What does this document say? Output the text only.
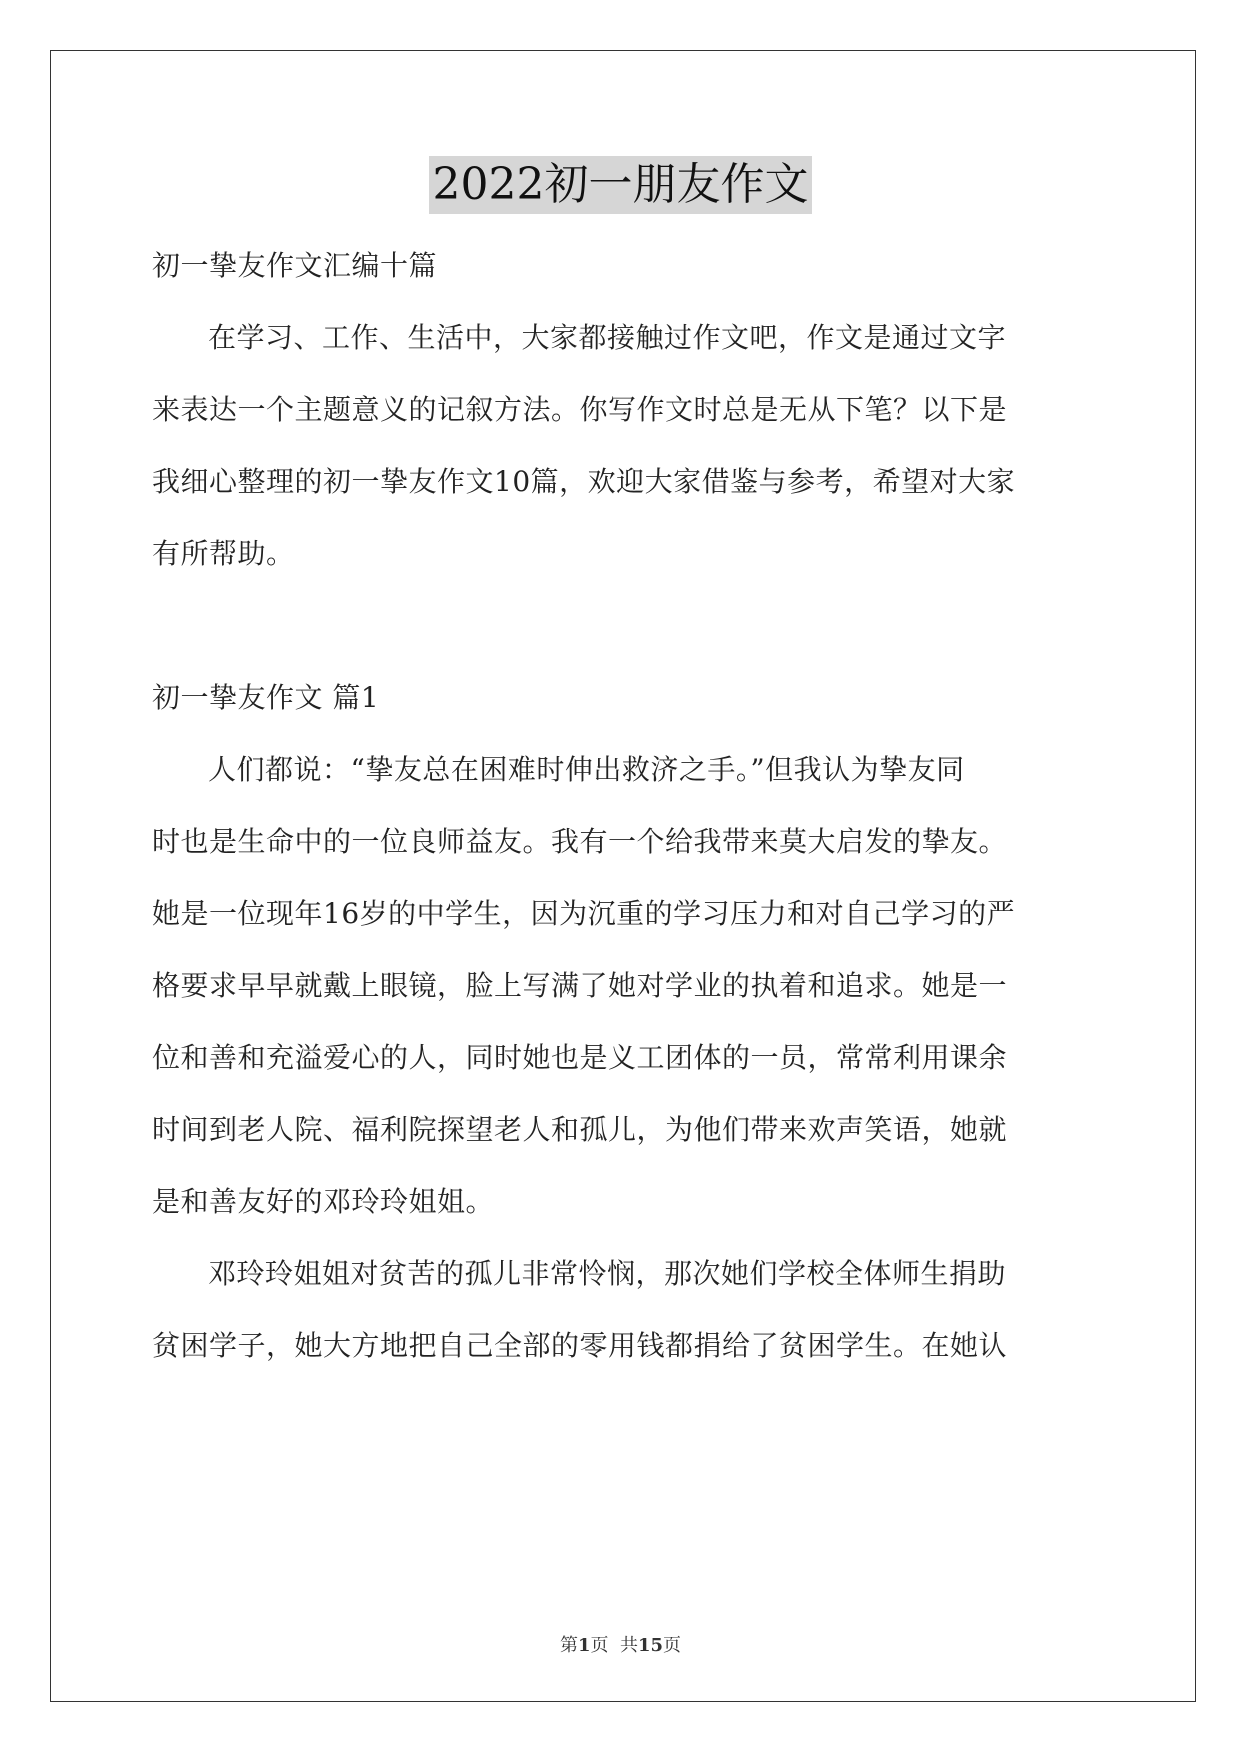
2022初一朋友作文
初一挚友作文汇编十篇
在学习、工作、生活中，大家都接触过作文吧，作文是通过文字
来表达一个主题意义的记叙方法。你写作文时总是无从下笔？以下是
我细心整理的初一挚友作文10篇，欢迎大家借鉴与参考，希望对大家
有所帮助。
初一挚友作文 篇1
人们都说：“挚友总在困难时伸出救济之手。”但我认为挚友同
时也是生命中的一位良师益友。我有一个给我带来莫大启发的挚友。
她是一位现年16岁的中学生，因为沉重的学习压力和对自己学习的严
格要求早早就戴上眼镜，脸上写满了她对学业的执着和追求。她是一
位和善和充溢爱心的人，同时她也是义工团体的一员，常常利用课余
时间到老人院、福利院探望老人和孤儿，为他们带来欢声笑语，她就
是和善友好的邓玲玲姐姐。
邓玲玲姐姐对贫苦的孤儿非常怜悯，那次她们学校全体师生捐助
贫困学子，她大方地把自己全部的零用钱都捐给了贫困学生。在她认
第1页  共15页
